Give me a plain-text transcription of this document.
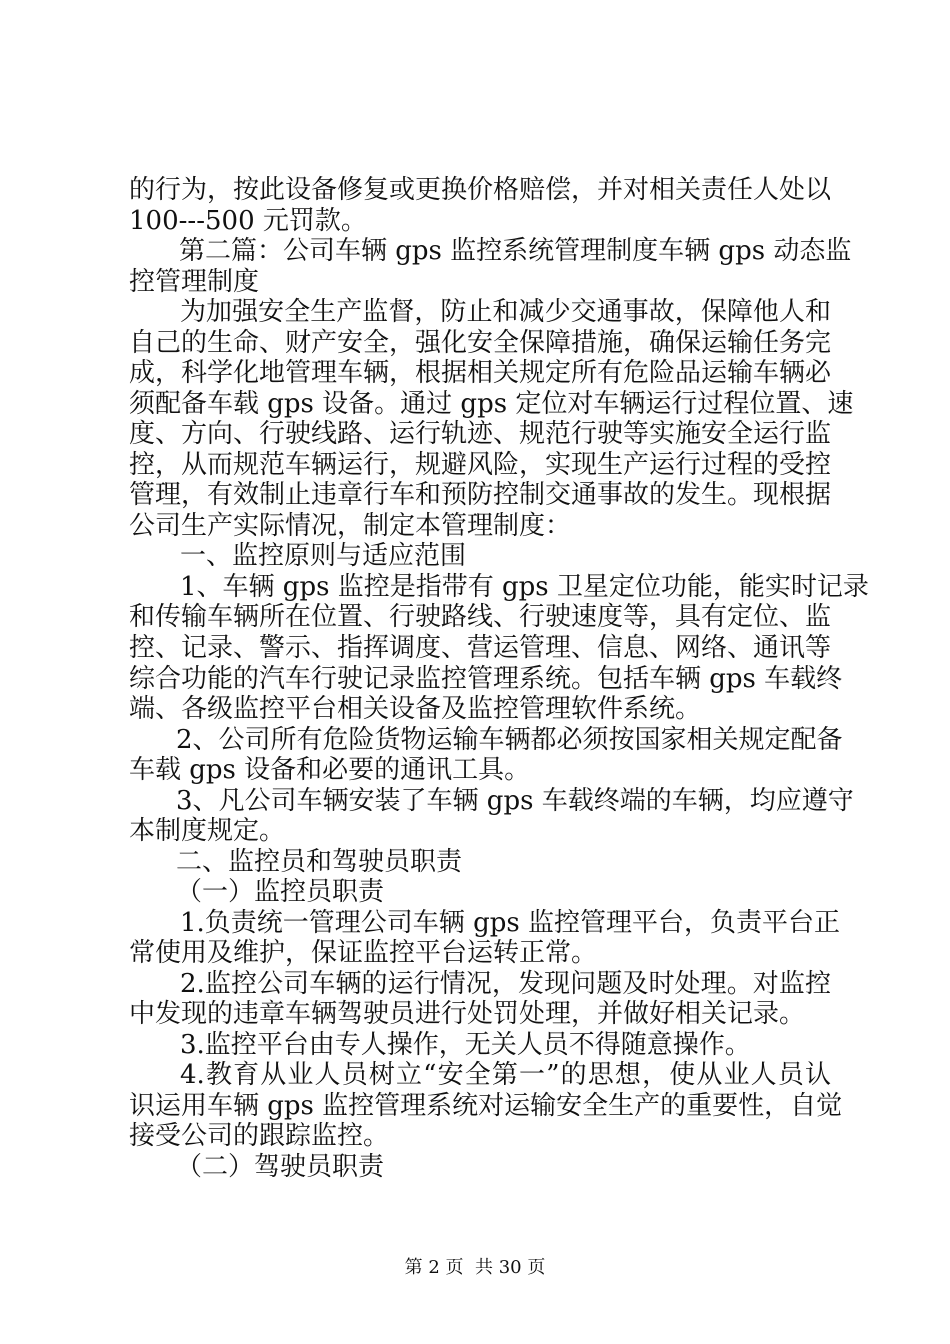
的行为，按此设备修复或更换价格赔偿，并对相关责任人处以
100---500 元罚款。
第二篇：公司车辆 gps 监控系统管理制度车辆 gps 动态监
控管理制度
为加强安全生产监督，防止和减少交通事故，保障他人和
自己的生命、财产安全，强化安全保障措施，确保运输任务完
成，科学化地管理车辆，根据相关规定所有危险品运输车辆必
须配备车载 gps 设备。通过 gps 定位对车辆运行过程位置、速
度、方向、行驶线路、运行轨迹、规范行驶等实施安全运行监
控，从而规范车辆运行，规避风险，实现生产运行过程的受控
管理，有效制止违章行车和预防控制交通事故的发生。现根据
公司生产实际情况，制定本管理制度：
一、监控原则与适应范围
1、车辆 gps 监控是指带有 gps 卫星定位功能，能实时记录
和传输车辆所在位置、行驶路线、行驶速度等，具有定位、监
控、记录、警示、指挥调度、营运管理、信息、网络、通讯等
综合功能的汽车行驶记录监控管理系统。包括车辆 gps 车载终
端、各级监控平台相关设备及监控管理软件系统。
2、公司所有危险货物运输车辆都必须按国家相关规定配备
车载 gps 设备和必要的通讯工具。
3、凡公司车辆安装了车辆 gps 车载终端的车辆，均应遵守
本制度规定。
二、监控员和驾驶员职责
（一）监控员职责
1.负责统一管理公司车辆 gps 监控管理平台，负责平台正
常使用及维护，保证监控平台运转正常。
2.监控公司车辆的运行情况，发现问题及时处理。对监控
中发现的违章车辆驾驶员进行处罚处理，并做好相关记录。
3.监控平台由专人操作，无关人员不得随意操作。
4.教育从业人员树立“安全第一”的思想，使从业人员认
识运用车辆 gps 监控管理系统对运输安全生产的重要性，自觉
接受公司的跟踪监控。
（二）驾驶员职责
第 2 页  共 30 页
